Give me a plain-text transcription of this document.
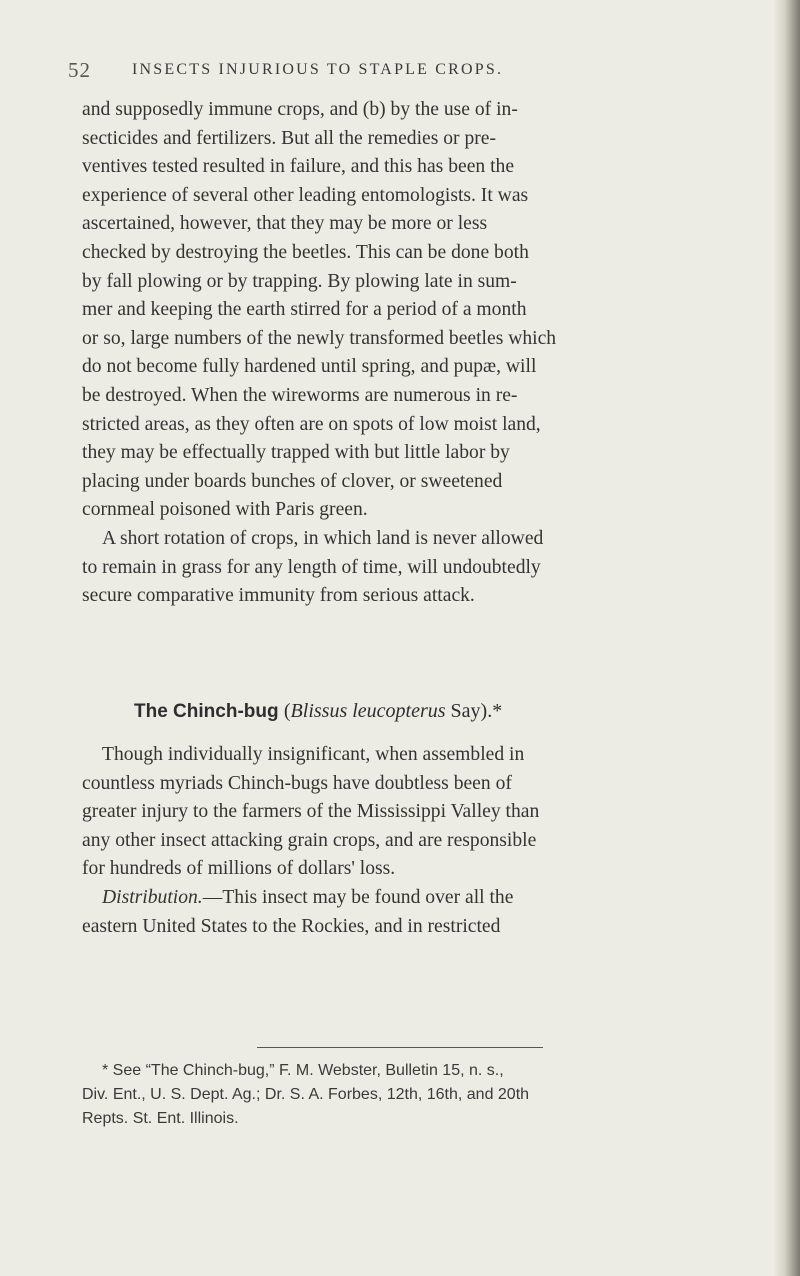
52	INSECTS INJURIOUS TO STAPLE CROPS.
and supposedly immune crops, and (b) by the use of in-
secticides and fertilizers. But all the remedies or pre-
ventives tested resulted in failure, and this has been the
experience of several other leading entomologists. It was
ascertained, however, that they may be more or less
checked by destroying the beetles. This can be done both
by fall plowing or by trapping. By plowing late in sum-
mer and keeping the earth stirred for a period of a month
or so, large numbers of the newly transformed beetles which
do not become fully hardened until spring, and pupæ, will
be destroyed. When the wireworms are numerous in re-
stricted areas, as they often are on spots of low moist land,
they may be effectually trapped with but little labor by
placing under boards bunches of clover, or sweetened
cornmeal poisoned with Paris green.
A short rotation of crops, in which land is never allowed
to remain in grass for any length of time, will undoubtedly
secure comparative immunity from serious attack.
The Chinch-bug (Blissus leucopterus Say).*
Though individually insignificant, when assembled in
countless myriads Chinch-bugs have doubtless been of
greater injury to the farmers of the Mississippi Valley than
any other insect attacking grain crops, and are responsible
for hundreds of millions of dollars' loss.
Distribution.—This insect may be found over all the
eastern United States to the Rockies, and in restricted
* See “The Chinch-bug,” F. M. Webster, Bulletin 15, n. s.,
Div. Ent., U. S. Dept. Ag.; Dr. S. A. Forbes, 12th, 16th, and 20th
Repts. St. Ent. Illinois.
